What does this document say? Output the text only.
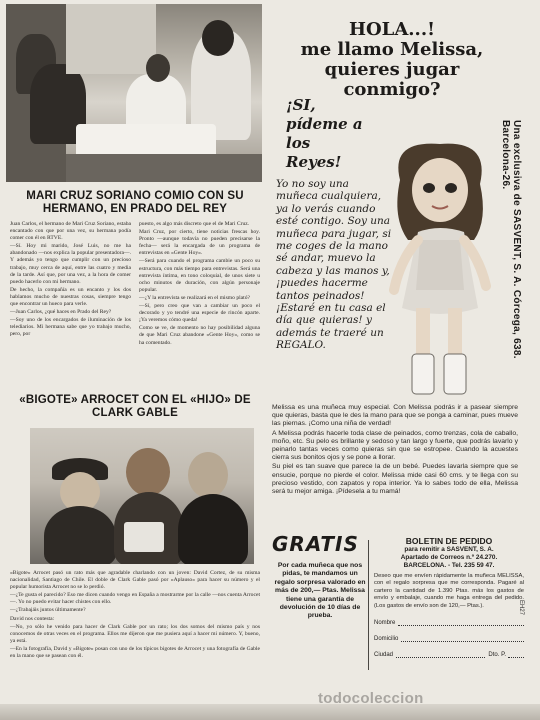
MARI CRUZ SORIANO COMIO CON SU HERMANO, EN PRADO DEL REY

Juan Carlos, el hermano de Mari Cruz Soriano, estaba encantado con que por una vez, su hermana podía comer con él en RTVE.

—Sí. Hoy mi marido, José Luis, no me ha abandonado —nos explica la popular presentadora—. Y además yo tengo que cumplir con un precioso trabajo, muy cerca de aquí, entre las cuatro y media de la tarde. Así que, por una vez, a la hora de comer puedo hacerlo con mi hermano.

De hecho, la compañía es un encanto y los dos hablamos mucho de nuestras cosas, siempre tengo que encontrar un hueco para verle.

—Juan Carlos, ¿qué haces en Prado del Rey?

—Soy uno de los encargados de iluminación de los telediarios. Mi hermana sabe que yo trabajo mucho, pero, por

puesto, es algo más discreto que el de Mari Cruz.

Mari Cruz, por cierto, tiene noticias frescas hoy. Pronto —aunque todavía no pueden precisarse la fecha— será la encargada de un programa de entrevistas en «Gente Hoy».

—Será para cuando el programa cambie un poco su estructura, con más tiempo para entrevistas. Será una entrevista íntima, en tono coloquial, de unos siete u ocho minutos de duración, con algún personaje popular.

—¿Y la entrevista se realizará en el mismo plató?

—Sí, pero creo que van a cambiar un poco el decorado y yo tendré una especie de rincón aparte. ¡Ya veremos cómo queda!

Como se ve, de momento no hay posibilidad alguna de que Mari Cruz abandone «Gente Hoy», como se ha comentado.

«BIGOTE» ARROCET CON EL «HIJO» DE CLARK GABLE

«Bigote» Arrocet pasó un rato más que agradable charlando con un joven: David Cortez, de su misma nacionalidad, Santiago de Chile. El doble de Clark Gable pasó por «Aplauso» para hacer su número y el popular humorista Arrocet no se lo perdió.

—¿Te gusta el parecido? Eso me dicen cuando vengo en España a mostrarme por la calle —nos cuenta Arrocet—. Yo no puedo evitar hacer chistes con ello.

—¿Trabajáis juntos últimamente?

David nos contesta:

—No, yo sólo he venido para hacer de Clark Gable por un rato; los dos somos del mismo país y nos conocemos de otras veces en el programa. Ellos me dijeron que me pusiera aquí a hacer mi número. Y, bueno, ya está.

—En la fotografía, David y «Bigote» posan con uno de los típicos bigotes de Arrocet y una fotografía de Gable en la mano que se pasean con él.

HOLA...!
me llamo Melissa,
quieres jugar
conmigo?
¡SI,
pídeme a los
Reyes!	Una exclusiva de SASVENT, S. A. Córcega, 638. Barcelona-26.
Yo no soy una muñeca cualquiera, ya lo verás cuando esté contigo. Soy una muñeca para jugar, si me coges de la mano sé andar, muevo la cabeza y las manos y, ¡puedes hacerme tantos peinados! ¡Estaré en tu casa el día que quieras! y además te traeré un REGALO.

Melissa es una muñeca muy especial. Con Melissa podrás ir a pasear siempre que quieras, basta que le des la mano para que se ponga a caminar, pues mueve las piernas. ¡Como una niña de verdad!

A Melissa podrás hacerle toda clase de peinados, como trenzas, cola de caballo, moño, etc. Su pelo es brillante y sedoso y tan largo y fuerte, que podrás lavarlo y peinarlo tantas veces como quieras sin que se estropee. Cuando la acuestes cierra sus bonitos ojos y se pone a llorar.

Su piel es tan suave que parece la de un bebé. Puedes lavarla siempre que se ensucie, porque no pierde el color. Melissa mide casi 60 cms. y te llega con su precioso vestido, con zapatos y ropa interior. Ya lo sabes todo de ella, Melissa será tu mejor amiga. ¡Pídesela a tu mamá!

GRATIS
Por cada muñeca que nos pidas, te mandamos un regalo sorpresa valorado en más de 200,— Ptas. Melissa tiene una garantía de devolución de 10 días de prueba.
BOLETIN DE PEDIDO
para remitir a SASVENT, S. A.
Apartado de Correos n.º 24.270.
BARCELONA. - Tel. 235 59 47.
Deseo que me envíen rápidamente la muñeca MELISSA, con el regalo sorpresa que me corresponda. Pagaré al cartero la cantidad de 1.390 Ptas. más los gastos de envío y embalaje, cuando me haga entrega del pedido. (Los gastos de envío son de 120,— Ptas.).
Nombre
Domicilio
Ciudad	Dto. P.
EH27
todocoleccion
